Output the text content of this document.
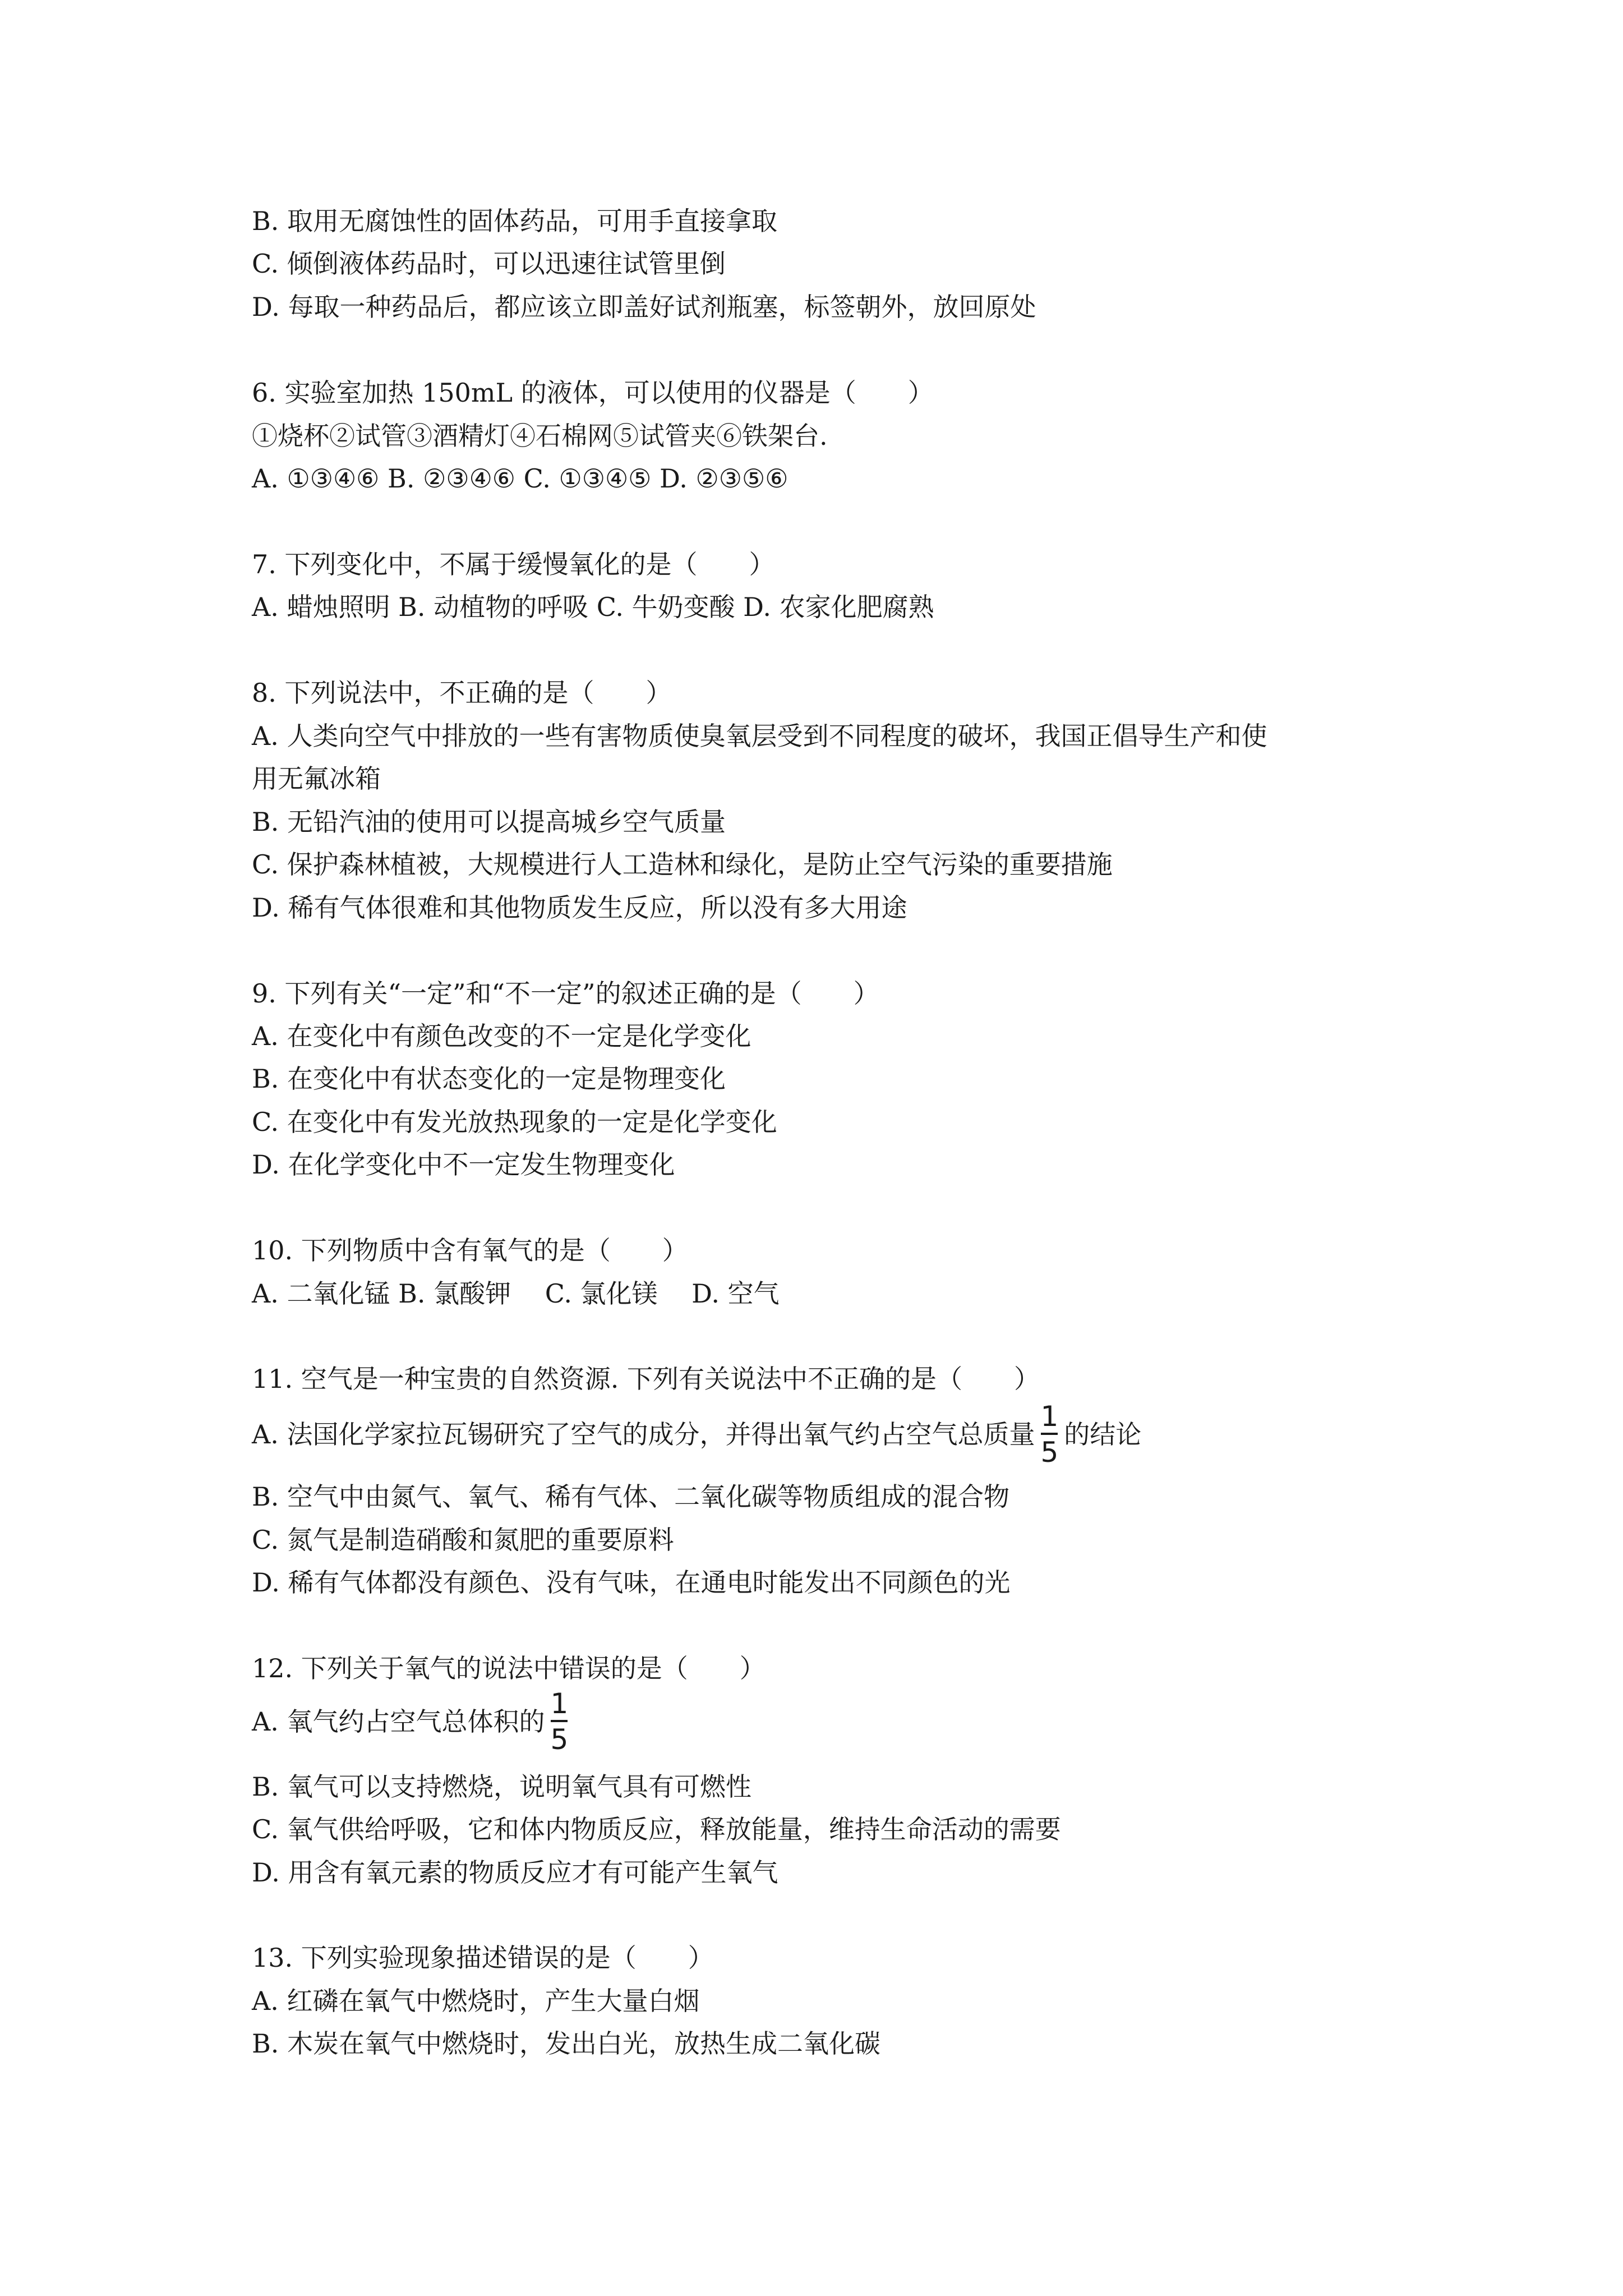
B. 取用无腐蚀性的固体药品，可用手直接拿取
C. 倾倒液体药品时，可以迅速往试管里倒
D. 每取一种药品后，都应该立即盖好试剂瓶塞，标签朝外，放回原处
6. 实验室加热 150mL 的液体，可以使用的仪器是（　　）
①烧杯②试管③酒精灯④石棉网⑤试管夹⑥铁架台.
A. ①③④⑥ B. ②③④⑥ C. ①③④⑤ D. ②③⑤⑥
7. 下列变化中，不属于缓慢氧化的是（　　）
A. 蜡烛照明 B. 动植物的呼吸 C. 牛奶变酸 D. 农家化肥腐熟
8. 下列说法中，不正确的是（　　）
A. 人类向空气中排放的一些有害物质使臭氧层受到不同程度的破坏，我国正倡导生产和使
用无氟冰箱
B. 无铅汽油的使用可以提高城乡空气质量
C. 保护森林植被，大规模进行人工造林和绿化，是防止空气污染的重要措施
D. 稀有气体很难和其他物质发生反应，所以没有多大用途
9. 下列有关“一定”和“不一定”的叙述正确的是（　　）
A. 在变化中有颜色改变的不一定是化学变化
B. 在变化中有状态变化的一定是物理变化
C. 在变化中有发光放热现象的一定是化学变化
D. 在化学变化中不一定发生物理变化
10. 下列物质中含有氧气的是（　　）
A. 二氧化锰 B. 氯酸钾　 C. 氯化镁　 D. 空气
11. 空气是一种宝贵的自然资源. 下列有关说法中不正确的是（　　）
A. 法国化学家拉瓦锡研究了空气的成分，并得出氧气约占空气总质量 $\frac{1}{5}$ 的结论
B. 空气中由氮气、氧气、稀有气体、二氧化碳等物质组成的混合物
C. 氮气是制造硝酸和氮肥的重要原料
D. 稀有气体都没有颜色、没有气味，在通电时能发出不同颜色的光
12. 下列关于氧气的说法中错误的是（　　）
A. 氧气约占空气总体积的 $\frac{1}{5}$
B. 氧气可以支持燃烧，说明氧气具有可燃性
C. 氧气供给呼吸，它和体内物质反应，释放能量，维持生命活动的需要
D. 用含有氧元素的物质反应才有可能产生氧气
13. 下列实验现象描述错误的是（　　）
A. 红磷在氧气中燃烧时，产生大量白烟
B. 木炭在氧气中燃烧时，发出白光，放热生成二氧化碳
